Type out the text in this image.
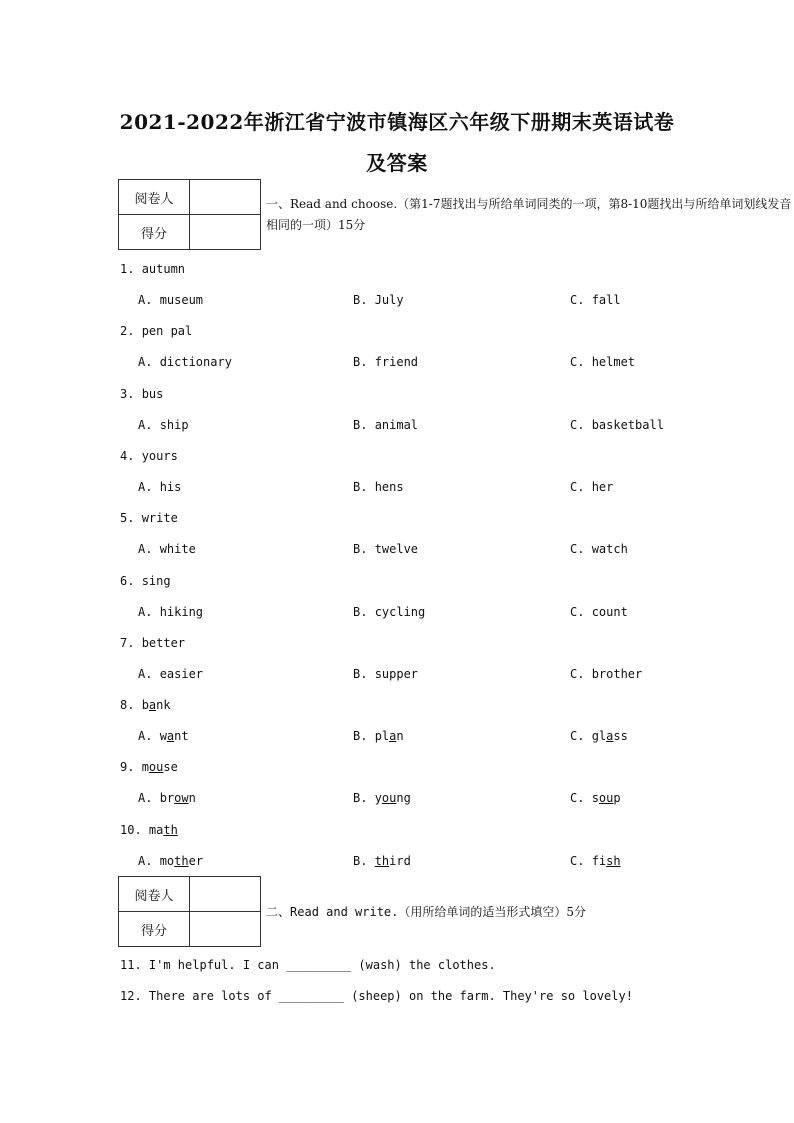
2021-2022年浙江省宁波市镇海区六年级下册期末英语试卷
及答案
阅卷人	
得分	
一、Read and choose.（第1-7题找出与所给单词同类的一项，第8-10题找出与所给单词划线发音相同的一项）15分
1. autumn
A. museum	B. July	C. fall
2. pen pal
A. dictionary	B. friend	C. helmet
3. bus
A. ship	B. animal	C. basketball
4. yours
A. his	B. hens	C. her
5. write
A. white	B. twelve	C. watch
6. sing
A. hiking	B. cycling	C. count
7. better
A. easier	B. supper	C. brother
8. bank
A. want	B. plan	C. glass
9. mouse
A. brown	B. young	C. soup
10. math
A. mother	B. third	C. fish
阅卷人	
得分	
二、Read and write.（用所给单词的适当形式填空）5分
11. I'm helpful. I can _________ (wash) the clothes.
12. There are lots of _________ (sheep) on the farm. They're so lovely!
